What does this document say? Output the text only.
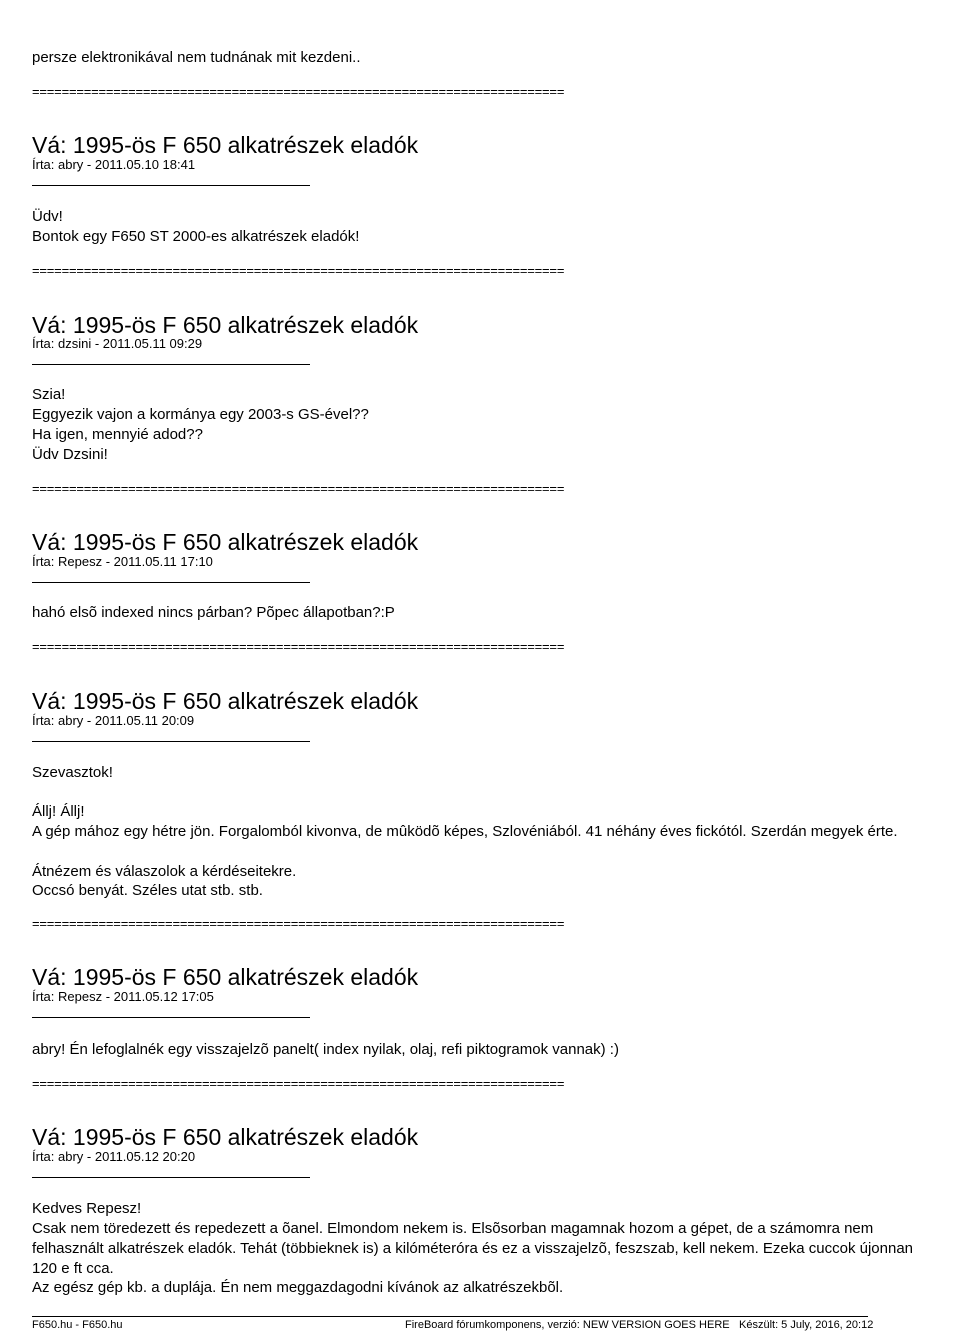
persze elektronikával nem tudnának mit kezdeni..

========================================================================

Vá: 1995-ös F 650 alkatrészek eladók

Írta: abry - 2011.05.10 18:41

Üdv!

Bontok egy F650 ST 2000-es alkatrészek eladók!

========================================================================

Vá: 1995-ös F 650 alkatrészek eladók

Írta: dzsini - 2011.05.11 09:29

Szia!

Eggyezik vajon a kormánya egy 2003-s GS-ével??

Ha igen, mennyié adod??

Üdv Dzsini!

========================================================================

Vá: 1995-ös F 650 alkatrészek eladók

Írta: Repesz - 2011.05.11 17:10

hahó elsõ indexed nincs párban? Põpec állapotban?:P

========================================================================

Vá: 1995-ös F 650 alkatrészek eladók

Írta: abry - 2011.05.11 20:09

Szevasztok!

Állj! Állj!

A gép mához egy hétre jön. Forgalomból kivonva, de mûködõ képes, Szlovéniából. 41 néhány éves fickótól. Szerdán megyek érte.

Átnézem és válaszolok a kérdéseitekre.

Occsó benyát. Széles utat stb. stb.

========================================================================

Vá: 1995-ös F 650 alkatrészek eladók

Írta: Repesz - 2011.05.12 17:05

abry! Én lefoglalnék egy visszajelzõ panelt( index nyilak, olaj, refi piktogramok vannak) :)

========================================================================

Vá: 1995-ös F 650 alkatrészek eladók

Írta: abry - 2011.05.12 20:20

Kedves Repesz!

Csak nem töredezett és repedezett a õanel. Elmondom nekem is. Elsõsorban magamnak hozom a gépet, de a számomra nem felhasznált alkatrészek eladók. Tehát (többieknek is) a kilóméteróra és ez a visszajelzõ, feszszab, kell nekem. Ezeka cuccok újonnan 120 e ft cca.

Az egész gép kb. a duplája. Én nem meggazdagodni kívánok az alkatrészekbõl.

F650.hu - F650.hu	FireBoard fórumkomponens, verzió: NEW VERSION GOES HERE Készült: 5 July, 2016, 20:12
